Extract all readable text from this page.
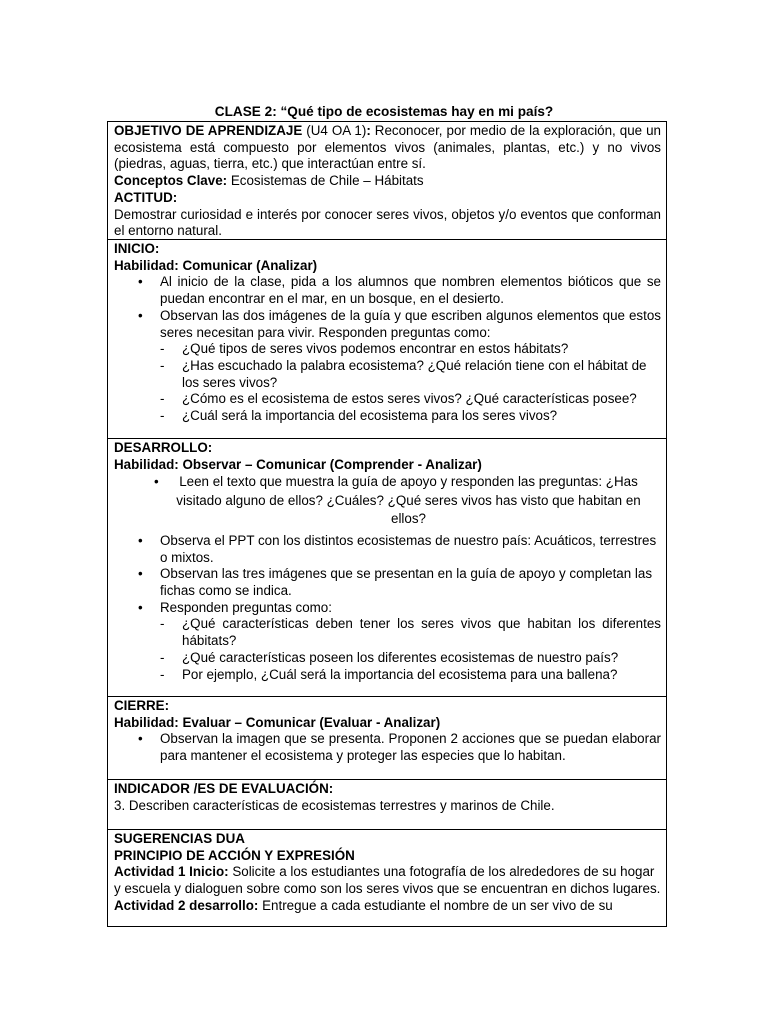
CLASE 2: “Qué tipo de ecosistemas hay en mi país?

OBJETIVO DE APRENDIZAJE (U4 OA 1): Reconocer, por medio de la exploración, que un ecosistema está compuesto por elementos vivos (animales, plantas, etc.) y no vivos (piedras, aguas, tierra, etc.) que interactúan entre sí.

Conceptos Clave: Ecosistemas de Chile – Hábitats

ACTITUD:

Demostrar curiosidad e interés por conocer seres vivos, objetos y/o eventos que conforman el entorno natural.

INICIO:

Habilidad: Comunicar (Analizar)

• Al inicio de la clase, pida a los alumnos que nombren elementos bióticos que se puedan encontrar en el mar, en un bosque, en el desierto.
• Observan las dos imágenes de la guía y que escriben algunos elementos que estos seres necesitan para vivir. Responden preguntas como:
- ¿Qué tipos de seres vivos podemos encontrar en estos hábitats?
- ¿Has escuchado la palabra ecosistema? ¿Qué relación tiene con el hábitat de los seres vivos?
- ¿Cómo es el ecosistema de estos seres vivos? ¿Qué características posee?
- ¿Cuál será la importancia del ecosistema para los seres vivos?

DESARROLLO:

Habilidad: Observar – Comunicar (Comprender - Analizar)

• Leen el texto que muestra la guía de apoyo y responden las preguntas: ¿Has visitado alguno de ellos? ¿Cuáles? ¿Qué seres vivos has visto que habitan en ellos?
• Observa el PPT con los distintos ecosistemas de nuestro país: Acuáticos, terrestres o mixtos.
• Observan las tres imágenes que se presentan en la guía de apoyo y completan las fichas como se indica.
• Responden preguntas como:
- ¿Qué características deben tener los seres vivos que habitan los diferentes hábitats?
- ¿Qué características poseen los diferentes ecosistemas de nuestro país?
- Por ejemplo, ¿Cuál será la importancia del ecosistema para una ballena?

CIERRE:

Habilidad: Evaluar – Comunicar (Evaluar - Analizar)

• Observan la imagen que se presenta. Proponen 2 acciones que se puedan elaborar para mantener el ecosistema y proteger las especies que lo habitan.

INDICADOR /ES DE EVALUACIÓN:

3. Describen características de ecosistemas terrestres y marinos de Chile.

SUGERENCIAS DUA

PRINCIPIO DE ACCIÓN Y EXPRESIÓN

Actividad 1 Inicio: Solicite a los estudiantes una fotografía de los alrededores de su hogar y escuela y dialoguen sobre como son los seres vivos que se encuentran en dichos lugares.

Actividad 2 desarrollo: Entregue a cada estudiante el nombre de un ser vivo de su
